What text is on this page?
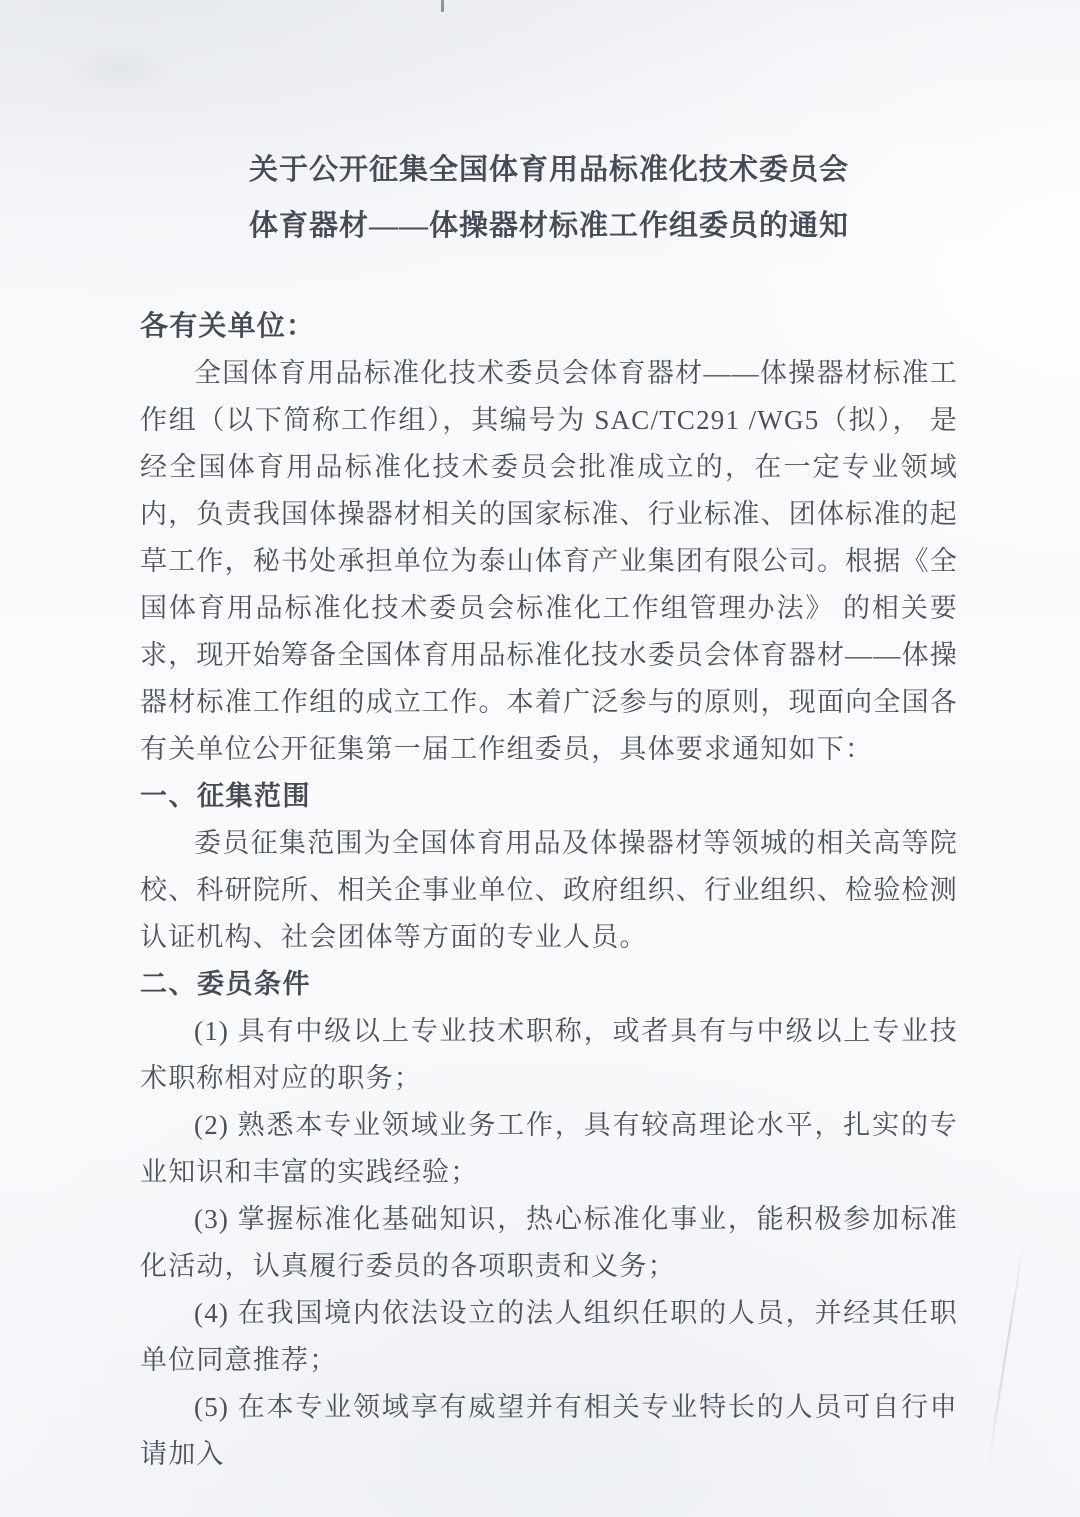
关于公开征集全国体育用品标准化技术委员会
体育器材——体操器材标准工作组委员的通知

各有关单位：

全国体育用品标准化技术委员会体育器材——体操器材标准工作组（以下简称工作组），其编号为 SAC/TC291 /WG5（拟）， 是经全国体育用品标准化技术委员会批准成立的，在一定专业领域内，负责我国体操器材相关的国家标准、行业标准、团体标准的起草工作，秘书处承担单位为泰山体育产业集团有限公司。根据《全国体育用品标准化技术委员会标准化工作组管理办法》 的相关要求，现开始筹备全国体育用品标准化技水委员会体育器材——体操器材标准工作组的成立工作。本着广泛参与的原则，现面向全国各有关单位公开征集第一届工作组委员，具体要求通知如下：

一、征集范围

委员征集范围为全国体育用品及体操器材等领城的相关高等院校、科研院所、相关企事业单位、政府组织、行业组织、检验检测认证机构、社会团体等方面的专业人员。

二、委员条件

(1) 具有中级以上专业技术职称，或者具有与中级以上专业技术职称相对应的职务；

(2) 熟悉本专业领域业务工作，具有较高理论水平，扎实的专业知识和丰富的实践经验；

(3) 掌握标准化基础知识，热心标准化事业，能积极参加标准化活动，认真履行委员的各项职责和义务；

(4) 在我国境内依法设立的法人组织任职的人员，并经其任职单位同意推荐；

(5) 在本专业领域享有威望并有相关专业特长的人员可自行申请加入
